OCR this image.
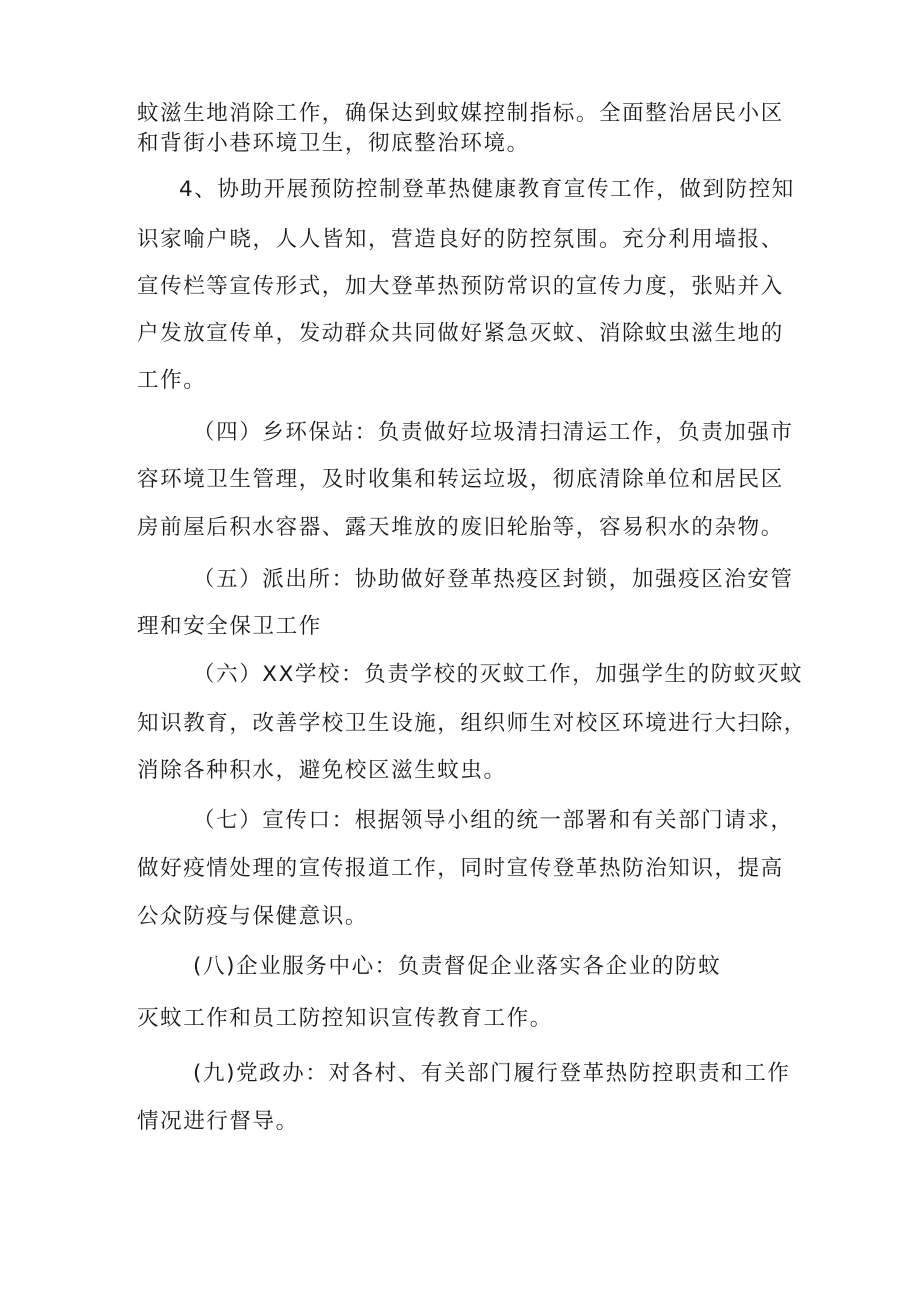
蚊滋生地消除工作，确保达到蚊媒控制指标。全面整治居民小区

和背街小巷环境卫生，彻底整治环境。

4、协助开展预防控制登革热健康教育宣传工作，做到防控知

识家喻户晓，人人皆知，营造良好的防控氛围。充分利用墙报、

宣传栏等宣传形式，加大登革热预防常识的宣传力度，张贴并入

户发放宣传单，发动群众共同做好紧急灭蚊、消除蚊虫滋生地的

工作。

（四）乡环保站：负责做好垃圾清扫清运工作，负责加强市

容环境卫生管理，及时收集和转运垃圾，彻底清除单位和居民区

房前屋后积水容器、露天堆放的废旧轮胎等，容易积水的杂物。

（五）派出所：协助做好登革热疫区封锁，加强疫区治安管

理和安全保卫工作

（六）XX学校：负责学校的灭蚊工作，加强学生的防蚊灭蚊

知识教育，改善学校卫生设施，组织师生对校区环境进行大扫除，

消除各种积水，避免校区滋生蚊虫。

（七）宣传口：根据领导小组的统一部署和有关部门请求，

做好疫情处理的宣传报道工作，同时宣传登革热防治知识，提高

公众防疫与保健意识。

(八)企业服务中心：负责督促企业落实各企业的防蚊

灭蚊工作和员工防控知识宣传教育工作。

(九)党政办：对各村、有关部门履行登革热防控职责和工作

情况进行督导。
